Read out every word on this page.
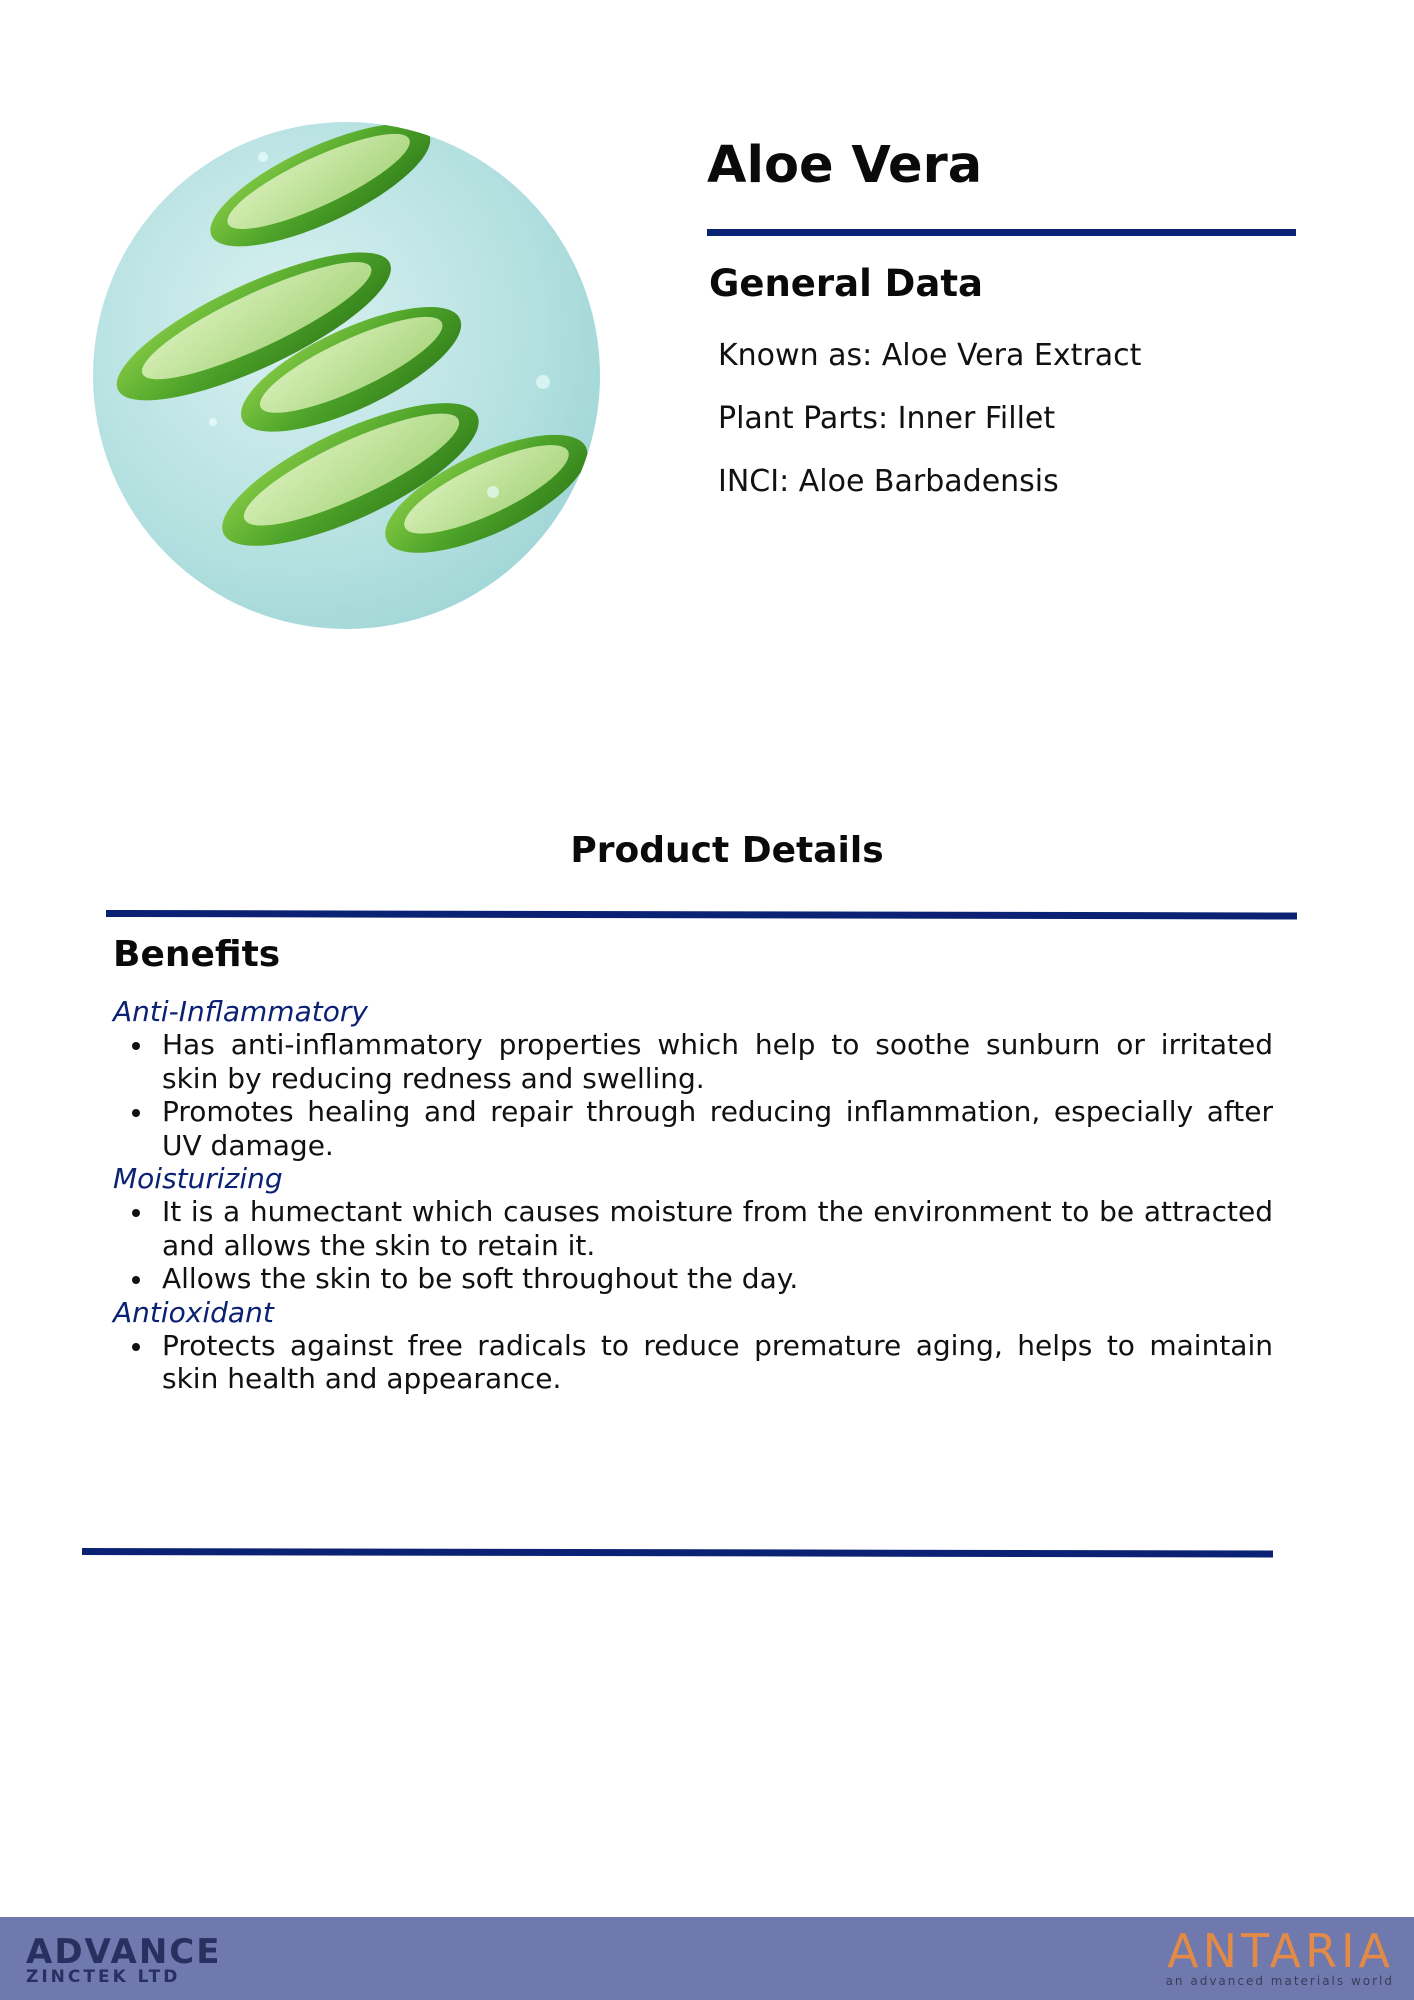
Aloe Vera
General Data
Known as: Aloe Vera Extract
Plant Parts: Inner Fillet
INCI: Aloe Barbadensis
Product Details
Benefits
Anti-Inflammatory
Has anti-inflammatory properties which help to soothe sunburn or irritated skin by reducing redness and swelling.
Promotes healing and repair through reducing inflammation, especially after UV damage.
Moisturizing
It is a humectant which causes moisture from the environment to be attracted and allows the skin to retain it.
Allows the skin to be soft throughout the day.
Antioxidant
Protects against free radicals to reduce premature aging, helps to maintain skin health and appearance.
ADVANCE
ZINCTEK LTD	ANTARIA
an advanced materials world
